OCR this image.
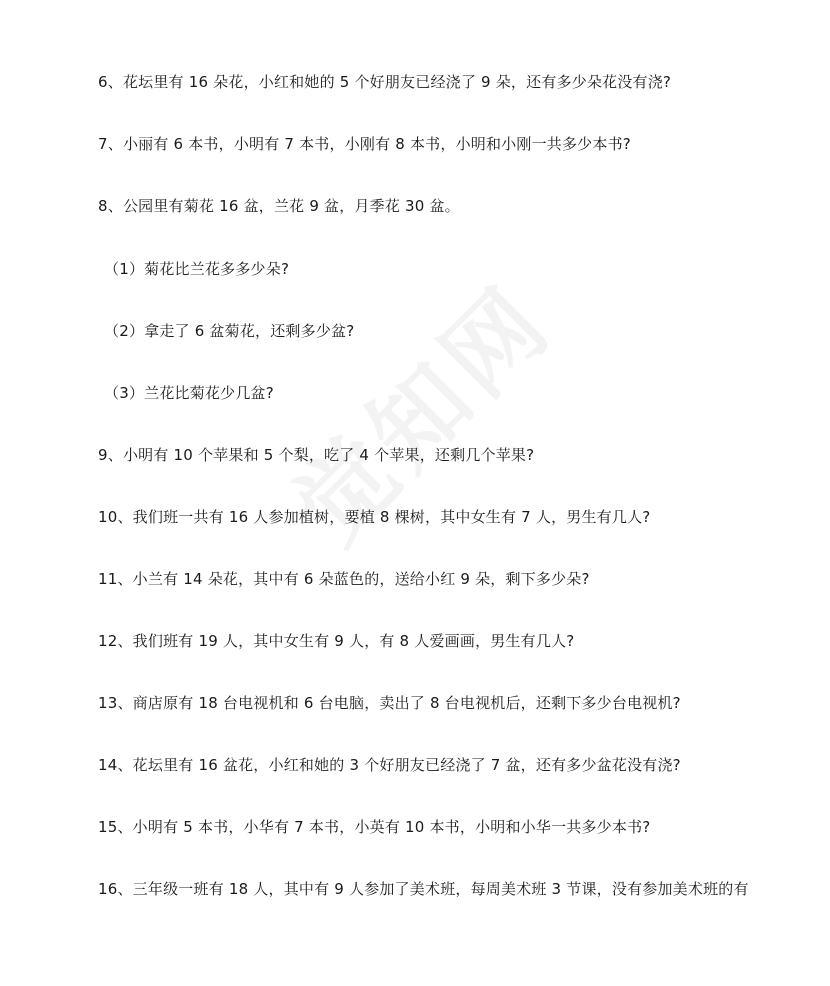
6、花坛里有 16 朵花，小红和她的 5 个好朋友已经浇了 9 朵，还有多少朵花没有浇?
7、小丽有 6 本书，小明有 7 本书，小刚有 8 本书，小明和小刚一共多少本书?
8、公园里有菊花 16 盆，兰花 9 盆，月季花 30 盆。
（1）菊花比兰花多多少朵?
（2）拿走了 6 盆菊花，还剩多少盆?
（3）兰花比菊花少几盆?
9、小明有 10 个苹果和 5 个梨，吃了 4 个苹果，还剩几个苹果?
10、我们班一共有 16 人参加植树，要植 8 棵树，其中女生有 7 人，男生有几人?
11、小兰有 14 朵花，其中有 6 朵蓝色的，送给小红 9 朵，剩下多少朵?
12、我们班有 19 人，其中女生有 9 人，有 8 人爱画画，男生有几人?
13、商店原有 18 台电视机和 6 台电脑，卖出了 8 台电视机后，还剩下多少台电视机?
14、花坛里有 16 盆花，小红和她的 3 个好朋友已经浇了 7 盆，还有多少盆花没有浇?
15、小明有 5 本书，小华有 7 本书，小英有 10 本书，小明和小华一共多少本书?
16、三年级一班有 18 人，其中有 9 人参加了美术班，每周美术班 3 节课，没有参加美术班的有
